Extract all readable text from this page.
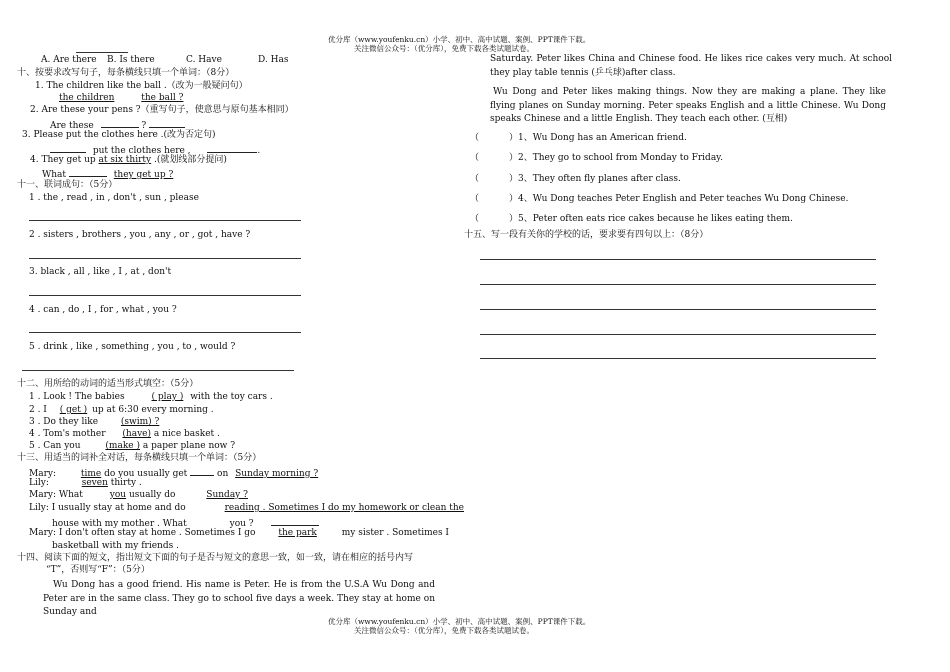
优分库（www.youfenku.cn）小学、初中、高中试题、案例、PPT课件下载。
关注微信公众号：（优分库），免费下载各类试题试卷。
A. Are there B. Is there	C. Have	D. Has
十、按要求改写句子，每条横线只填一个单词：（8分）
1. The children like the ball .（改为一般疑问句）
the children	the ball ?
2. Are these your pens ?（重写句子，使意思与原句基本相同）
Are these	?
3. Please put the clothes here .(改为否定句)
put the clothes here ,	.
4. They get up at six thirty .(就划线部分提问)
What	they get up ?
十一、联词成句：（5分）
1 . the , read , in , don't , sun , please
2 . sisters , brothers , you , any , or , got , have ?
3. black , all , like , I , at , don't
4 . can , do , I , for , what , you ?
5 . drink , like , something , you , to , would ?
十二、用所给的动词的适当形式填空：（5分）
1 . Look ! The babies	( play ) with the toy cars .
2 . I ( get ) up at 6:30 every morning .
3 . Do they like	(swim) ?
4 . Tom's mother (have) a nice basket .
5 . Can you	(make ) a paper plane now ?
十三、用适当的词补全对话，每条横线只填一个单词：（5分）
Mary:	time do you usually get	on Sunday morning ?
Lily:	seven thirty .
Mary: What	you usually do	Sunday ?
Lily: I usually stay at home and do	reading . Sometimes I do my homework or clean the
house with my mother . What	you ?
Mary: I don't often stay at home . Sometimes I go	the park	my sister . Sometimes I
basketball with my friends .
十四、阅读下面的短文，指出短文下面的句子是否与短文的意思一致，如一致，请在相应的括号内写
“T”，否则写“F”：（5分）
Wu Dong has a good friend. His name is Peter. He is from the U.S.A Wu Dong and Peter are in the same class. They go to school five days a week. They stay at home on Sunday and
Saturday. Peter likes China and Chinese food. He likes rice cakes very much. At school they play table tennis (乒乓球)after class.
Wu Dong and Peter likes making things. Now they are making a plane. They like flying planes on Sunday morning. Peter speaks English and a little Chinese. Wu Dong speaks Chinese and a little English. They teach each other. (互相)
（	）1、Wu Dong has an American friend.
（	）2、They go to school from Monday to Friday.
（	）3、They often fly planes after class.
（	）4、Wu Dong teaches Peter English and Peter teaches Wu Dong Chinese.
（	）5、Peter often eats rice cakes because he likes eating them.
十五、写一段有关你的学校的话，要求要有四句以上：（8分）
优分库（www.youfenku.cn）小学、初中、高中试题、案例、PPT课件下载。
关注微信公众号：（优分库），免费下载各类试题试卷。
